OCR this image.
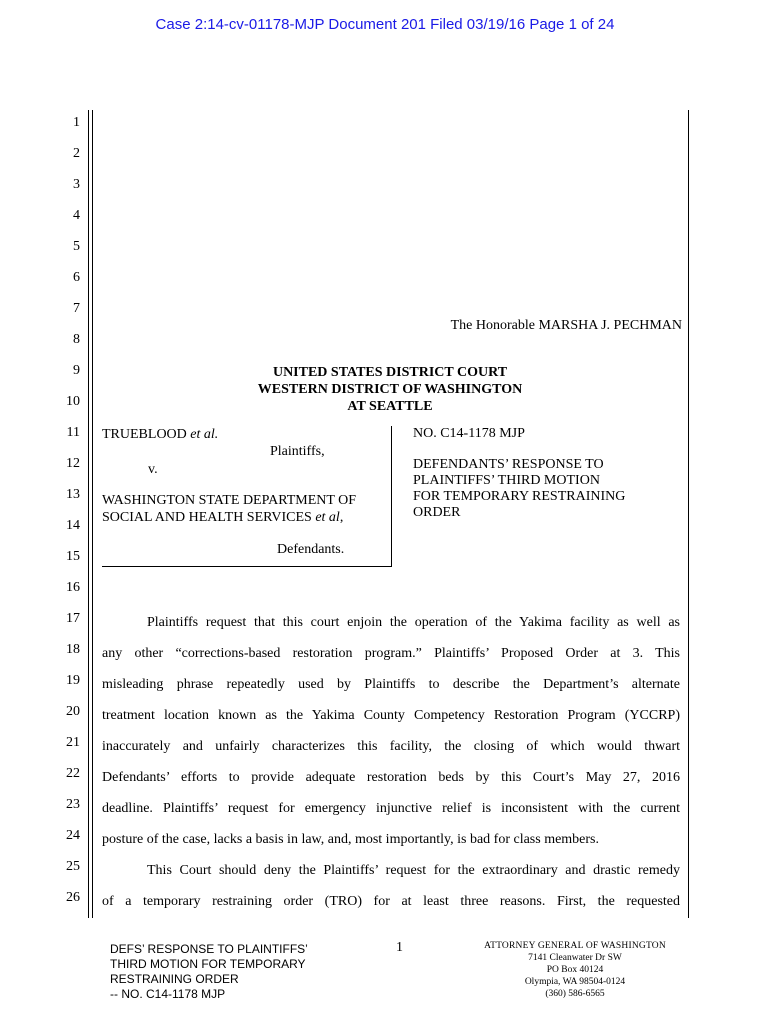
Case 2:14-cv-01178-MJP Document 201 Filed 03/19/16 Page 1 of 24
1
2
3
4
5
6
7
8
9
10
11
12
13
14
15
16
17
18
19
20
21
22
23
24
25
26
The Honorable MARSHA J. PECHMAN
UNITED STATES DISTRICT COURT
WESTERN DISTRICT OF WASHINGTON
AT SEATTLE
TRUEBLOOD et al.
Plaintiffs,
v.
WASHINGTON STATE DEPARTMENT OF
SOCIAL AND HEALTH SERVICES et al,
Defendants.
NO. C14-1178 MJP
DEFENDANTS’ RESPONSE TO
PLAINTIFFS’ THIRD MOTION
FOR TEMPORARY RESTRAINING
ORDER
Plaintiffs request that this court enjoin the operation of the Yakima facility as well as
any other “corrections-based restoration program.” Plaintiffs’ Proposed Order at 3. This
misleading phrase repeatedly used by Plaintiffs to describe the Department’s alternate
treatment location known as the Yakima County Competency Restoration Program (YCCRP)
inaccurately and unfairly characterizes this facility, the closing of which would thwart
Defendants’ efforts to provide adequate restoration beds by this Court’s May 27, 2016
deadline. Plaintiffs’ request for emergency injunctive relief is inconsistent with the current
posture of the case, lacks a basis in law, and, most importantly, is bad for class members.
This Court should deny the Plaintiffs’ request for the extraordinary and drastic remedy
of a temporary restraining order (TRO) for at least three reasons. First, the requested
DEFS’ RESPONSE TO PLAINTIFFS’
THIRD MOTION FOR TEMPORARY
RESTRAINING ORDER
-- NO. C14-1178 MJP
1	ATTORNEY GENERAL OF WASHINGTON
7141 Cleanwater Dr SW
PO Box 40124
Olympia, WA 98504-0124
(360) 586-6565
